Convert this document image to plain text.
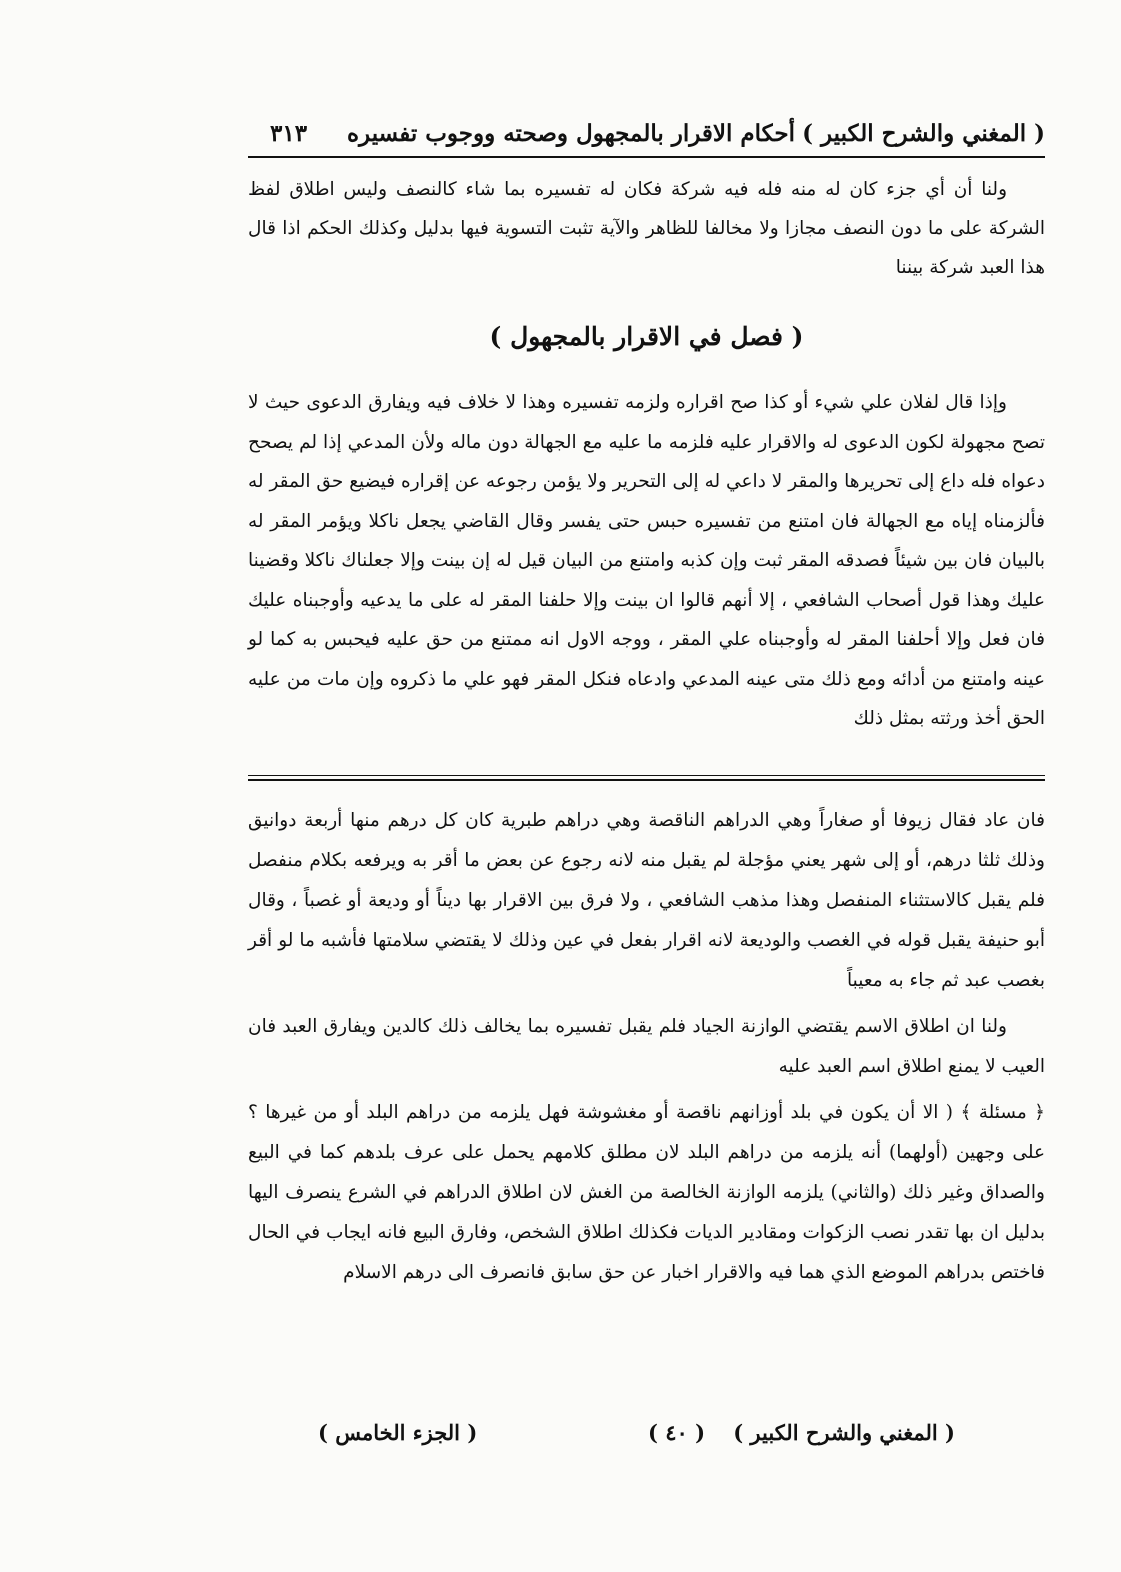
( المغني والشرح الكبير )
أحكام الاقرار بالمجهول وصحته ووجوب تفسيره
٣١٣

ولنا أن أي جزء كان له منه فله فيه شركة فكان له تفسيره بما شاء كالنصف وليس اطلاق لفظ الشركة على ما دون النصف مجازا ولا مخالفا للظاهر والآية تثبت التسوية فيها بدليل وكذلك الحكم اذا قال هذا العبد شركة بيننا

( فصل في الاقرار بالمجهول )

وإذا قال لفلان علي شيء أو كذا صح اقراره ولزمه تفسيره وهذا لا خلاف فيه ويفارق الدعوى حيث لا تصح مجهولة لكون الدعوى له والاقرار عليه فلزمه ما عليه مع الجهالة دون ماله ولأن المدعي إذا لم يصحح دعواه فله داع إلى تحريرها والمقر لا داعي له إلى التحرير ولا يؤمن رجوعه عن إقراره فيضيع حق المقر له فألزمناه إياه مع الجهالة فان امتنع من تفسيره حبس حتى يفسر وقال القاضي يجعل ناكلا ويؤمر المقر له بالبيان فان بين شيئاً فصدقه المقر ثبت وإن كذبه وامتنع من البيان قيل له إن بينت وإلا جعلناك ناكلا وقضينا عليك وهذا قول أصحاب الشافعي ، إلا أنهم قالوا ان بينت وإلا حلفنا المقر له على ما يدعيه وأوجبناه عليك فان فعل وإلا أحلفنا المقر له وأوجبناه علي المقر ، ووجه الاول انه ممتنع من حق عليه فيحبس به كما لو عينه وامتنع من أدائه ومع ذلك متى عينه المدعي وادعاه فنكل المقر فهو علي ما ذكروه وإن مات من عليه الحق أخذ ورثته بمثل ذلك

فان عاد فقال زيوفا أو صغاراً وهي الدراهم الناقصة وهي دراهم طبرية كان كل درهم منها أربعة دوانيق وذلك ثلثا درهم، أو إلى شهر يعني مؤجلة لم يقبل منه لانه رجوع عن بعض ما أقر به ويرفعه بكلام منفصل فلم يقبل كالاستثناء المنفصل وهذا مذهب الشافعي ، ولا فرق بين الاقرار بها ديناً أو وديعة أو غصباً ، وقال أبو حنيفة يقبل قوله في الغصب والوديعة لانه اقرار بفعل في عين وذلك لا يقتضي سلامتها فأشبه ما لو أقر بغصب عبد ثم جاء به معيباً

ولنا ان اطلاق الاسم يقتضي الوازنة الجياد فلم يقبل تفسيره بما يخالف ذلك كالدين ويفارق العبد فان العيب لا يمنع اطلاق اسم العبد عليه

﴿ مسئلة ﴾ ( الا أن يكون في بلد أوزانهم ناقصة أو مغشوشة فهل يلزمه من دراهم البلد أو من غيرها ؟ على وجهين (أولهما) أنه يلزمه من دراهم البلد لان مطلق كلامهم يحمل على عرف بلدهم كما في البيع والصداق وغير ذلك (والثاني) يلزمه الوازنة الخالصة من الغش لان اطلاق الدراهم في الشرع ينصرف اليها بدليل ان بها تقدر نصب الزكوات ومقادير الديات فكذلك اطلاق الشخص، وفارق البيع فانه ايجاب في الحال فاختص بدراهم الموضع الذي هما فيه والاقرار اخبار عن حق سابق فانصرف الى درهم الاسلام

( المغني والشرح الكبير )
( ٤٠ )
( الجزء الخامس )
